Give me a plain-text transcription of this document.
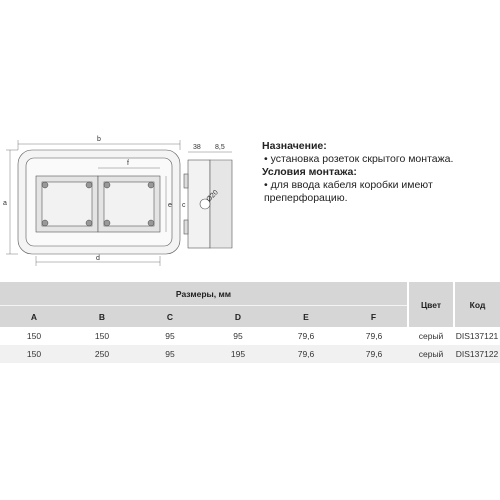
b
f
d
a	e c
38 8,5
Ø20
Назначение:
• установка розеток скрытого монтажа.
Условия монтажа:
• для ввода кабеля коробки имеют
преперфорацию.
Размеры, мм						Цвет	Код
A	B	C	D	E	F		
150	150	95	95	79,6	79,6	серый	DIS137121
150	250	95	195	79,6	79,6	серый	DIS137122
